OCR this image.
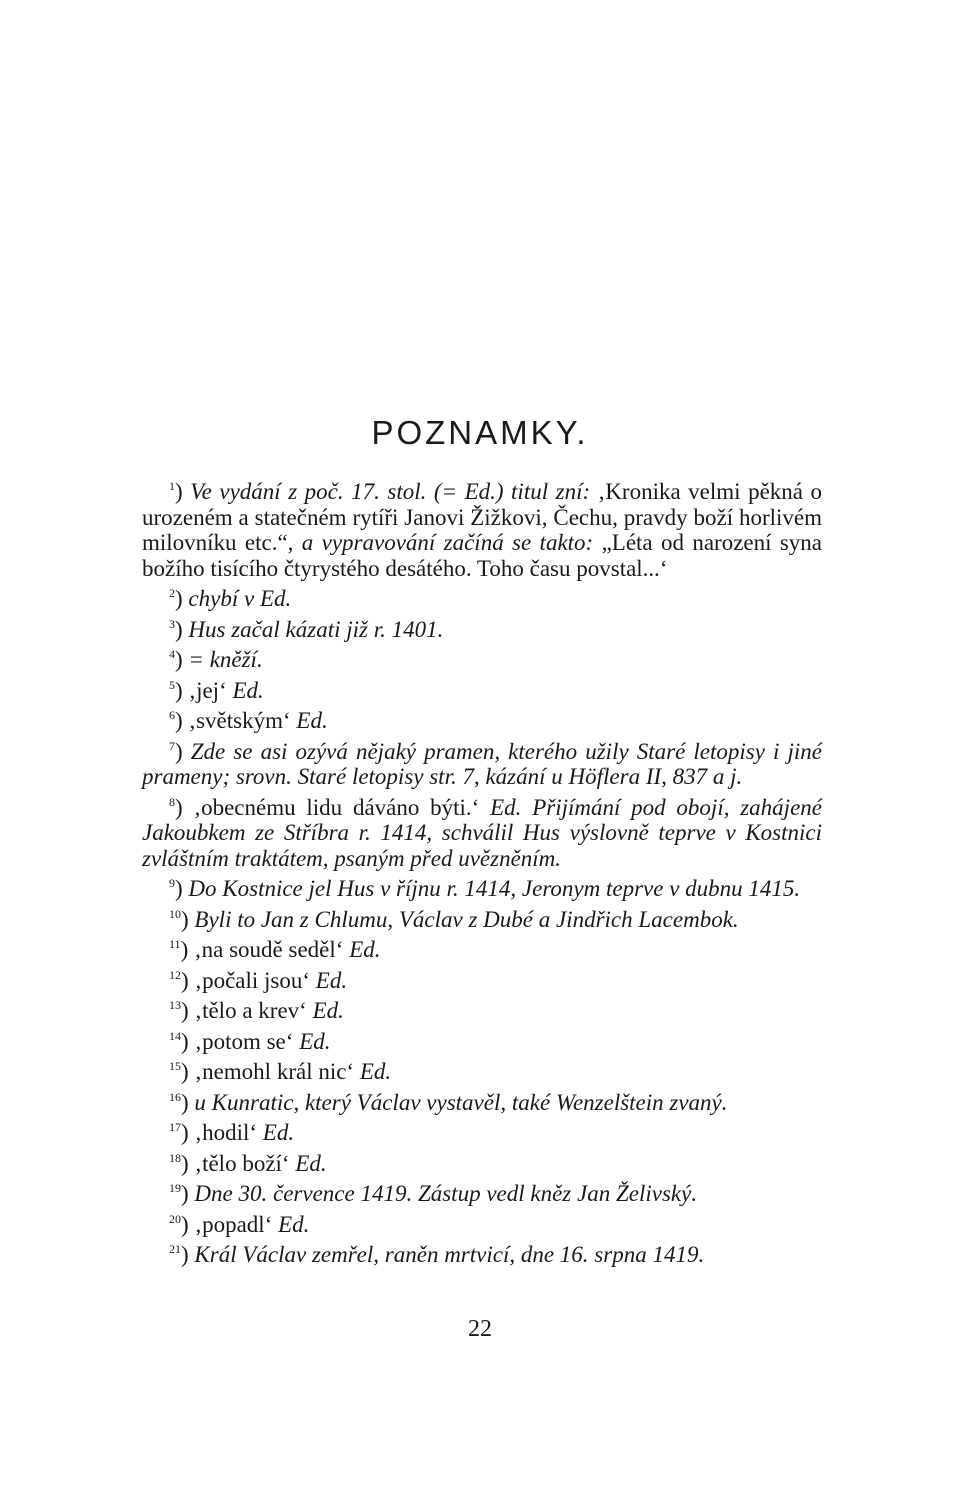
POZNAMKY.

$^1$) Ve vydání z poč. 17. stol. (= Ed.) titul zní: ‚Kronika velmi pěkná o urozeném a statečném rytíři Janovi Žižkovi, Čechu, pravdy boží horlivém milovníku etc.“, a vypravování začíná se takto: „Léta od narození syna božího tisícího čtyrystého desátého. Toho času povstal...‘

$^2$) chybí v Ed.

$^3$) Hus začal kázati již r. 1401.

$^4$) = kněží.

$^5$) ‚jej‘ Ed.

$^6$) ‚světským‘ Ed.

$^7$) Zde se asi ozývá nějaký pramen, kterého užily Staré letopisy i jiné prameny; srovn. Staré letopisy str. 7, kázání u Höflera II, 837 a j.

$^8$) ‚obecnému lidu dáváno býti.‘ Ed. Přijímání pod obojí, zahájené Jakoubkem ze Stříbra r. 1414, schválil Hus výslovně teprve v Kostnici zvláštním traktátem, psaným před uvězněním.

$^9$) Do Kostnice jel Hus v říjnu r. 1414, Jeronym teprve v dubnu 1415.

$^{10}$) Byli to Jan z Chlumu, Václav z Dubé a Jindřich Lacembok.

$^{11}$) ‚na soudě seděl‘ Ed.

$^{12}$) ‚počali jsou‘ Ed.

$^{13}$) ‚tělo a krev‘ Ed.

$^{14}$) ‚potom se‘ Ed.

$^{15}$) ‚nemohl král nic‘ Ed.

$^{16}$) u Kunratic, který Václav vystavěl, také Wenzelštein zvaný.

$^{17}$) ‚hodil‘ Ed.

$^{18}$) ‚tělo boží‘ Ed.

$^{19}$) Dne 30. července 1419. Zástup vedl kněz Jan Želivský.

$^{20}$) ‚popadl‘ Ed.

$^{21}$) Král Václav zemřel, raněn mrtvicí, dne 16. srpna 1419.

22
